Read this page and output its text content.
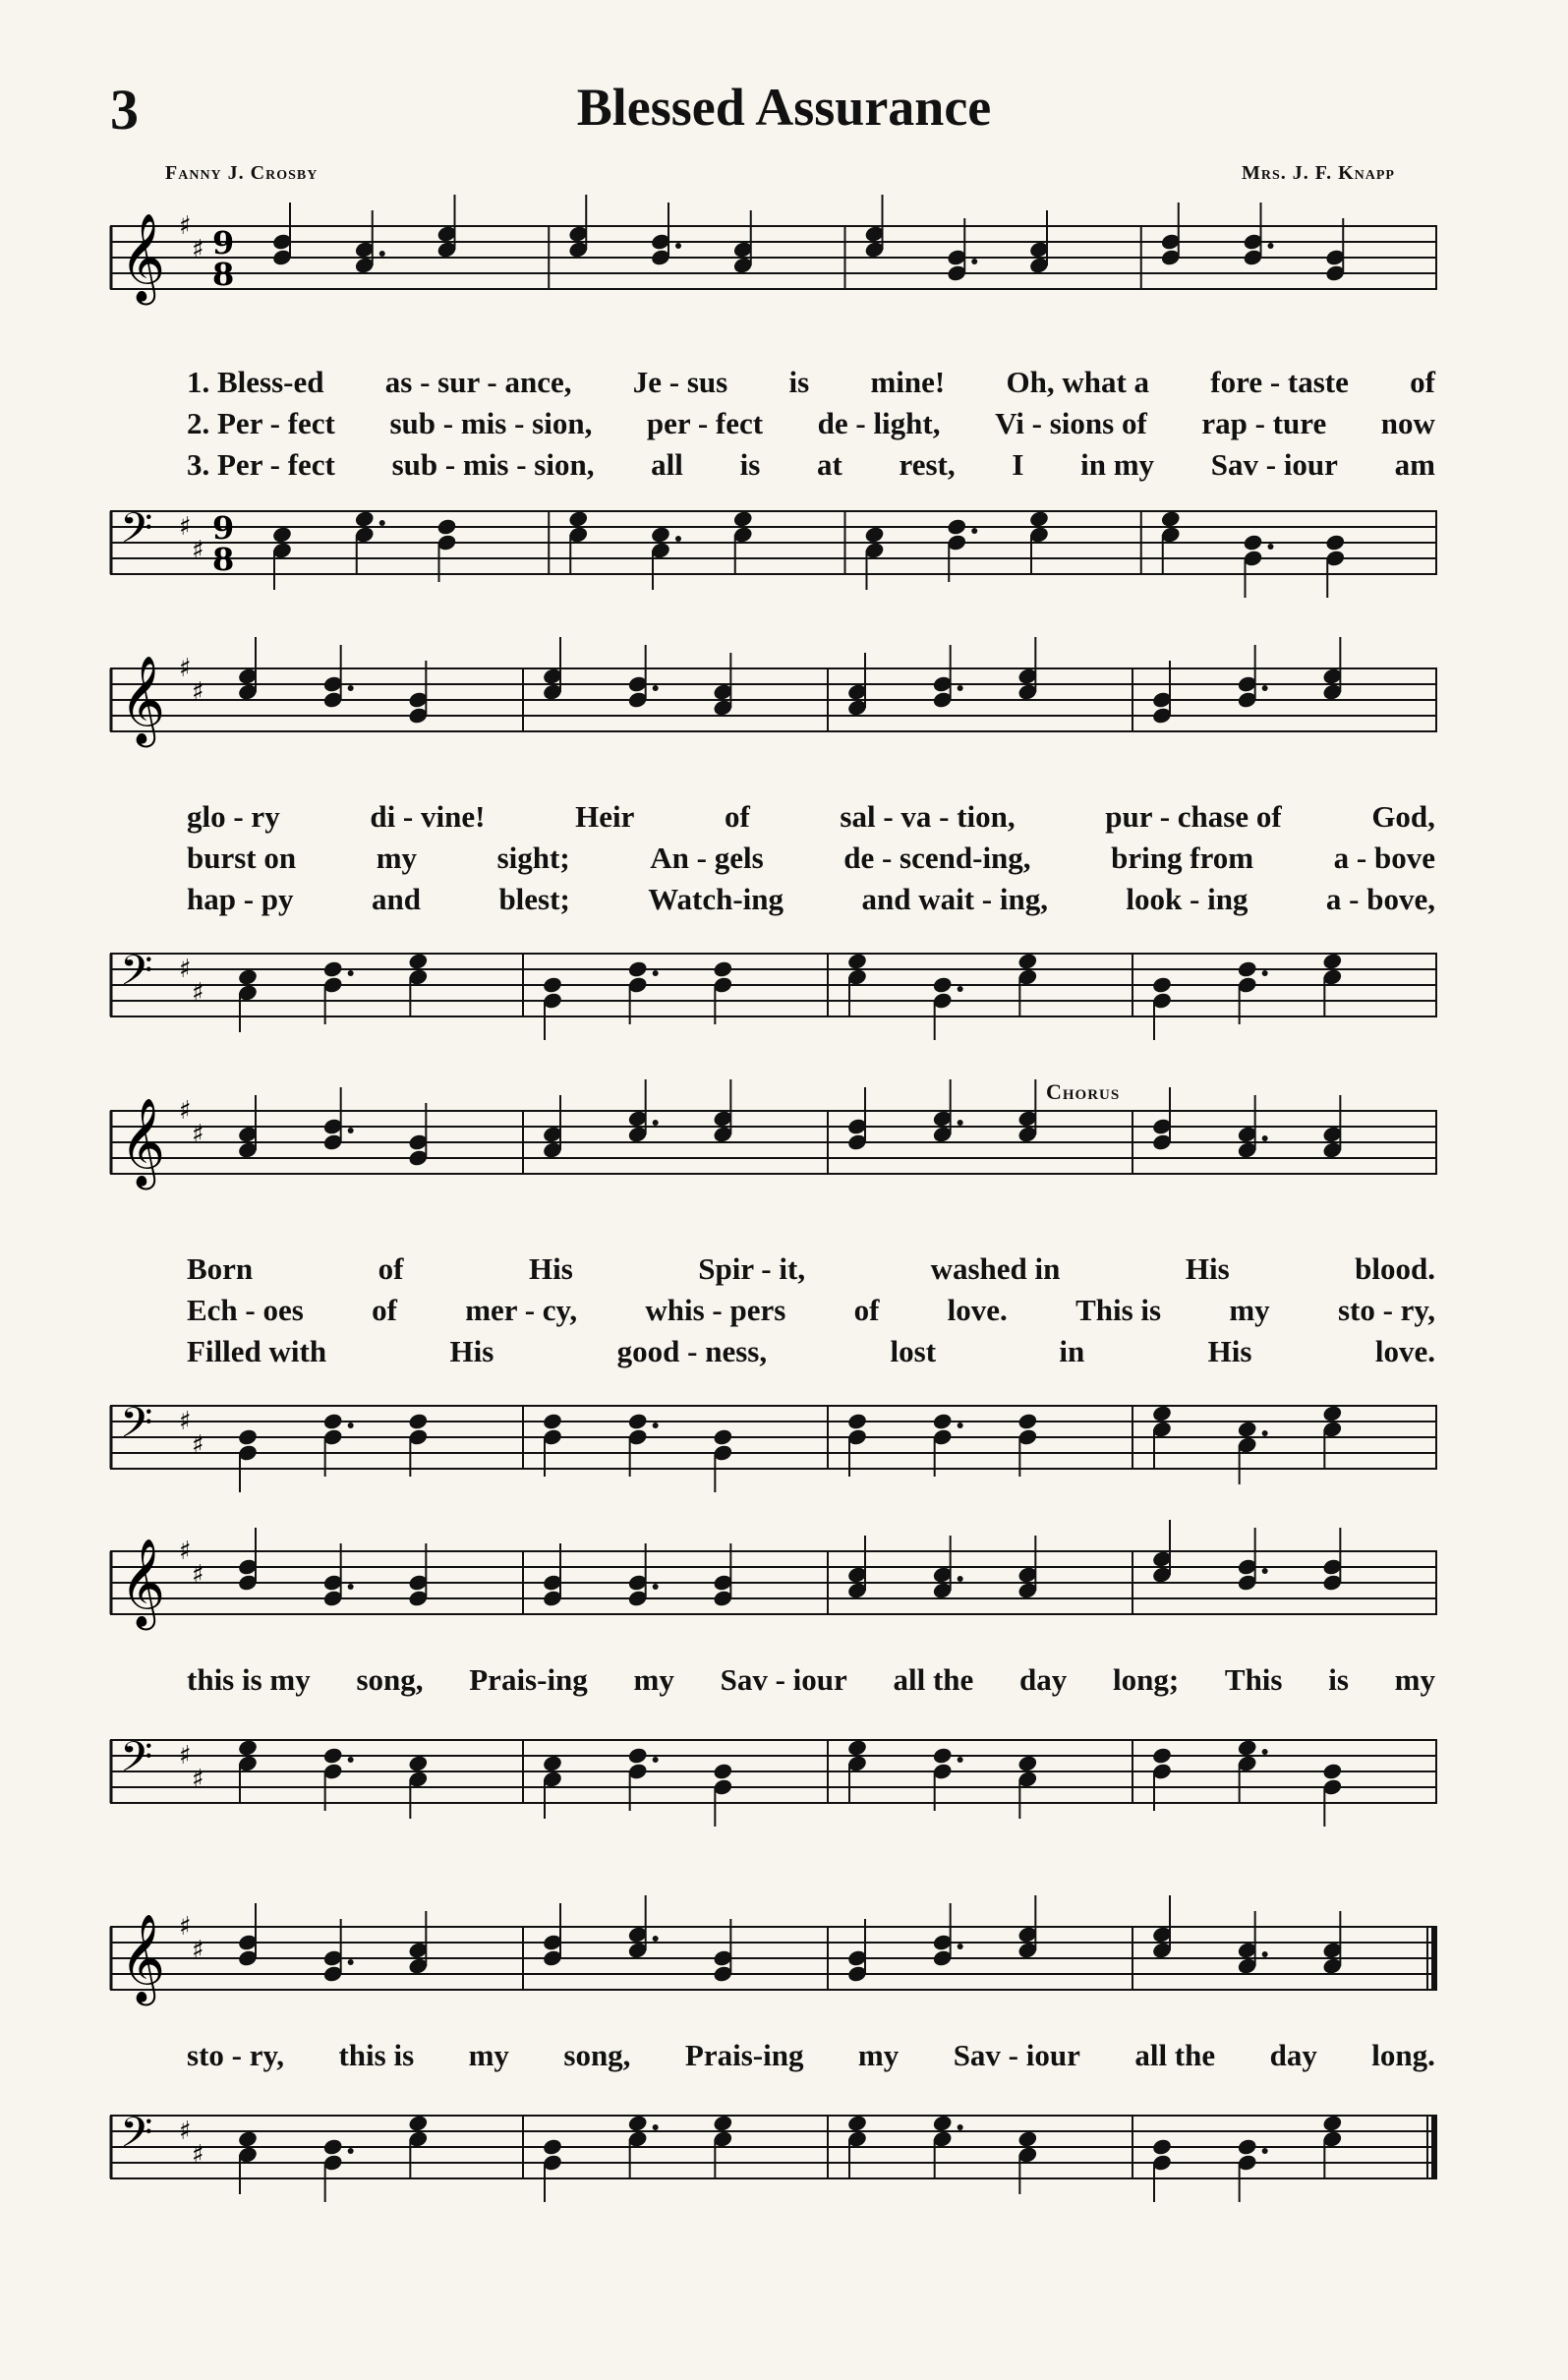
3	Blessed Assurance
Fanny J. Crosby	Mrs. J. F. Knapp
𝄞 ♯
♯ 9
8
1. Bless-ed as - sur - ance, Je - sus is mine! Oh, what a fore - taste of
2. Per - fect sub - mis - sion, per - fect de - light, Vi - sions of rap - ture now
3. Per - fect sub - mis - sion, all is at rest, I in my Sav - iour am
𝄢 ♯
♯
9
8
𝄞 ♯
♯
glo - ry	di - vine!	Heir	of	sal - va - tion,	pur - chase of	God,
burst on	my	sight;	An - gels	de - scend-ing,	bring from	a - bove
hap - py	and	blest;	Watch-ing	and wait - ing,	look - ing	a - bove,
𝄢 ♯
♯
Chorus
𝄞 ♯
♯
Born	of	His	Spir - it,	washed in	His	blood.
Ech - oes of mer - cy, whis - pers of love. This is my sto - ry,
Filled with	His	good - ness,	lost	in	His	love.
𝄢 ♯
♯
𝄞 ♯
♯
this is my song, Prais-ing my Sav - iour all the day long; This is my
𝄢 ♯
♯
𝄞 ♯
♯
sto - ry, this is my song, Prais-ing my Sav - iour all the day long.
𝄢 ♯
♯
